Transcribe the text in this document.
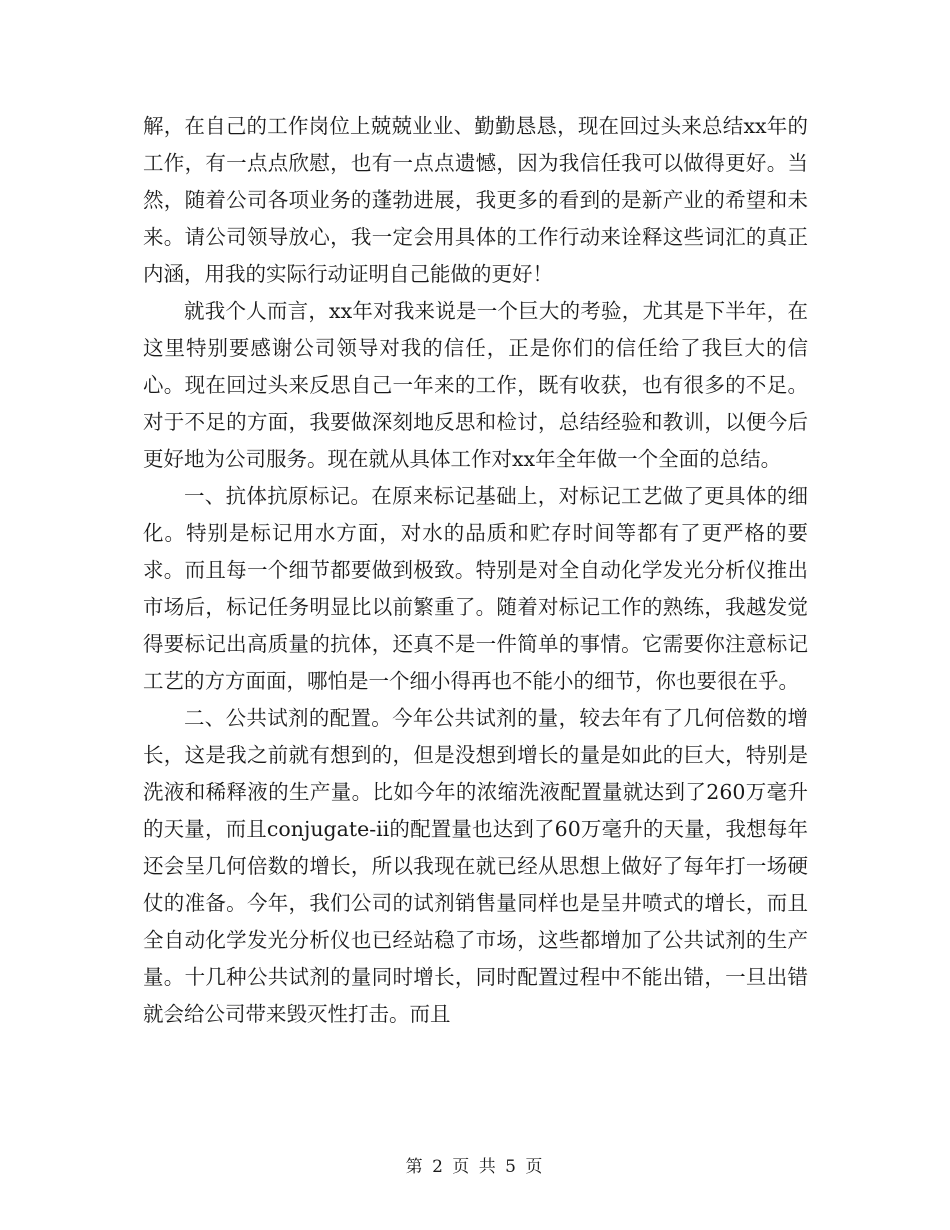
解，在自己的工作岗位上兢兢业业、勤勤恳恳，现在回过头来总结xx年的工作，有一点点欣慰，也有一点点遗憾，因为我信任我可以做得更好。当然，随着公司各项业务的蓬勃进展，我更多的看到的是新产业的希望和未来。请公司领导放心，我一定会用具体的工作行动来诠释这些词汇的真正内涵，用我的实际行动证明自己能做的更好！

就我个人而言，xx年对我来说是一个巨大的考验，尤其是下半年，在这里特别要感谢公司领导对我的信任，正是你们的信任给了我巨大的信心。现在回过头来反思自己一年来的工作，既有收获，也有很多的不足。对于不足的方面，我要做深刻地反思和检讨，总结经验和教训，以便今后更好地为公司服务。现在就从具体工作对xx年全年做一个全面的总结。

一、抗体抗原标记。在原来标记基础上，对标记工艺做了更具体的细化。特别是标记用水方面，对水的品质和贮存时间等都有了更严格的要求。而且每一个细节都要做到极致。特别是对全自动化学发光分析仪推出市场后，标记任务明显比以前繁重了。随着对标记工作的熟练，我越发觉得要标记出高质量的抗体，还真不是一件简单的事情。它需要你注意标记工艺的方方面面，哪怕是一个细小得再也不能小的细节，你也要很在乎。

二、公共试剂的配置。今年公共试剂的量，较去年有了几何倍数的增长，这是我之前就有想到的，但是没想到增长的量是如此的巨大，特别是洗液和稀释液的生产量。比如今年的浓缩洗液配置量就达到了260万毫升的天量，而且conjugate-ii的配置量也达到了60万毫升的天量，我想每年还会呈几何倍数的增长，所以我现在就已经从思想上做好了每年打一场硬仗的准备。今年，我们公司的试剂销售量同样也是呈井喷式的增长，而且全自动化学发光分析仪也已经站稳了市场，这些都增加了公共试剂的生产量。十几种公共试剂的量同时增长，同时配置过程中不能出错，一旦出错就会给公司带来毁灭性打击。而且

第 2 页 共 5 页
